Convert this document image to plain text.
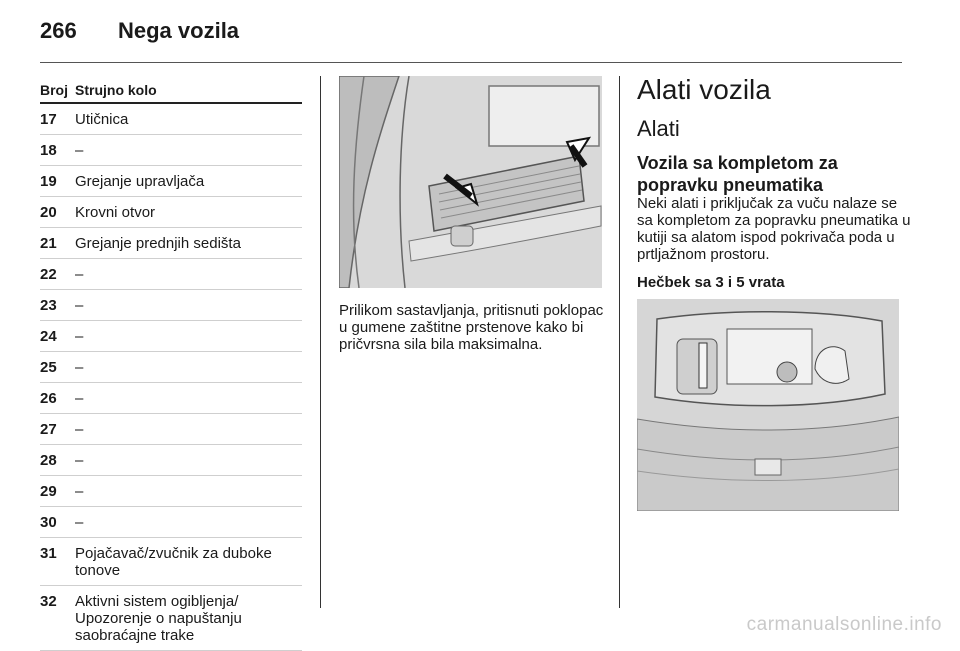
266 Nega vozila
Broj Strujno kolo
17	Utičnica
18	–
19	Grejanje upravljača
20	Krovni otvor
21	Grejanje prednjih sedišta
22	–
23	–
24	–
25	–
26	–
27	–
28	–
29	–
30	–
31	Pojačavač/zvučnik za duboke tonove
32	Aktivni sistem ogibljenja/ Upozorenje o napuštanju saobraćajne trake
Prilikom sastavljanja, pritisnuti poklopac u gumene zaštitne prstenove kako bi pričvrsna sila bila maksimalna.
Alati vozila
Alati
Vozila sa kompletom za popravku pneumatika
Neki alati i priključak za vuču nalaze se sa kompletom za popravku pneumatika u kutiji sa alatom ispod pokrivača poda u prtljažnom prostoru.
Hečbek sa 3 i 5 vrata
carmanualsonline.info
